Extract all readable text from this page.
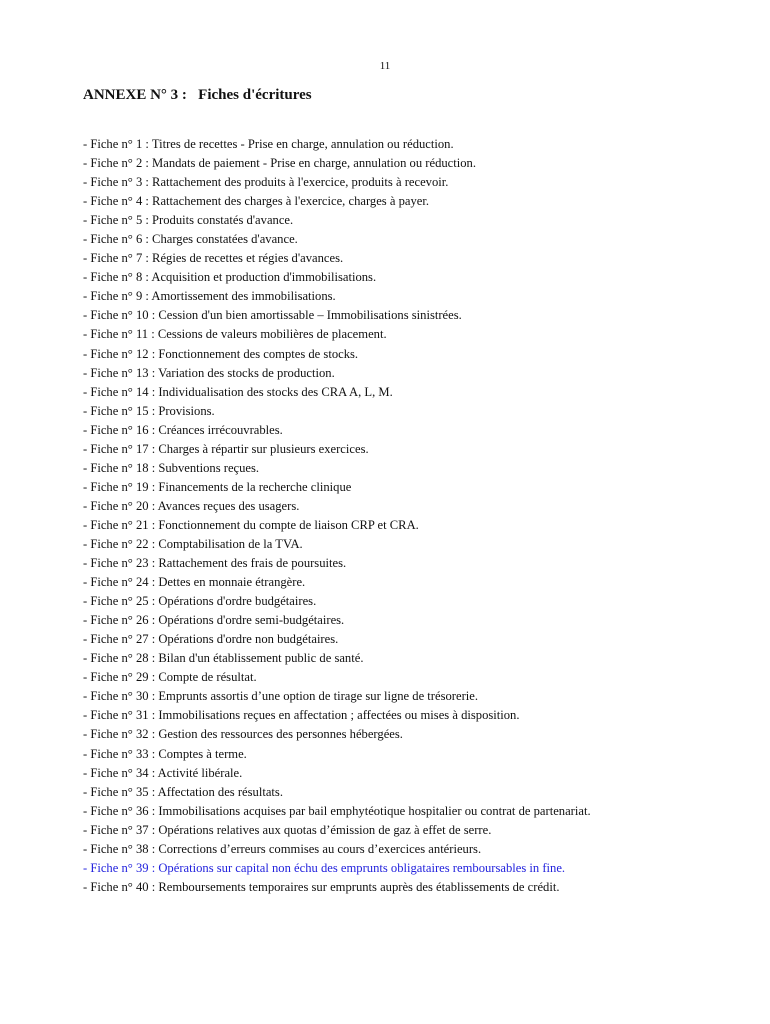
11
ANNEXE N° 3 :   Fiches d'écritures
- Fiche n° 1 : Titres de recettes - Prise en charge, annulation ou réduction.
- Fiche n° 2 : Mandats de paiement - Prise en charge, annulation ou réduction.
- Fiche n° 3 : Rattachement des produits à l'exercice, produits à recevoir.
- Fiche n° 4 : Rattachement des charges à l'exercice, charges à payer.
- Fiche n° 5 : Produits constatés d'avance.
- Fiche n° 6 : Charges constatées d'avance.
- Fiche n° 7 : Régies de recettes et régies d'avances.
- Fiche n° 8 : Acquisition et production d'immobilisations.
- Fiche n° 9 : Amortissement des immobilisations.
- Fiche n° 10 : Cession d'un bien amortissable – Immobilisations sinistrées.
- Fiche n° 11 : Cessions de valeurs mobilières de placement.
- Fiche n° 12 : Fonctionnement des comptes de stocks.
- Fiche n° 13 : Variation des stocks de production.
- Fiche n° 14 : Individualisation des stocks des CRA A, L, M.
- Fiche n° 15 : Provisions.
- Fiche n° 16 : Créances irrécouvrables.
- Fiche n° 17 : Charges à répartir sur plusieurs exercices.
- Fiche n° 18 : Subventions reçues.
- Fiche n° 19 : Financements de la recherche clinique
- Fiche n° 20 : Avances reçues des usagers.
- Fiche n° 21 : Fonctionnement du compte de liaison CRP et CRA.
- Fiche n° 22 : Comptabilisation de la TVA.
- Fiche n° 23 : Rattachement des frais de poursuites.
- Fiche n° 24 : Dettes en monnaie étrangère.
- Fiche n° 25 : Opérations d'ordre budgétaires.
- Fiche n° 26 : Opérations d'ordre semi-budgétaires.
- Fiche n° 27 : Opérations d'ordre non budgétaires.
- Fiche n° 28 : Bilan d'un établissement public de santé.
- Fiche n° 29 : Compte de résultat.
- Fiche n° 30 : Emprunts assortis d’une option de tirage sur ligne de trésorerie.
- Fiche n° 31 : Immobilisations reçues en affectation ; affectées ou mises à disposition.
- Fiche n° 32 : Gestion des ressources des personnes hébergées.
- Fiche n° 33 : Comptes à terme.
- Fiche n° 34 : Activité libérale.
- Fiche n° 35 : Affectation des résultats.
- Fiche n° 36 : Immobilisations acquises par bail emphytéotique hospitalier ou contrat de partenariat.
- Fiche n° 37 : Opérations relatives aux quotas d’émission de gaz à effet de serre.
- Fiche n° 38 : Corrections d’erreurs commises au cours d’exercices antérieurs.
- Fiche n° 39 : Opérations sur capital non échu des emprunts obligataires remboursables in fine.
- Fiche n° 40 : Remboursements temporaires sur emprunts auprès des établissements de crédit.
